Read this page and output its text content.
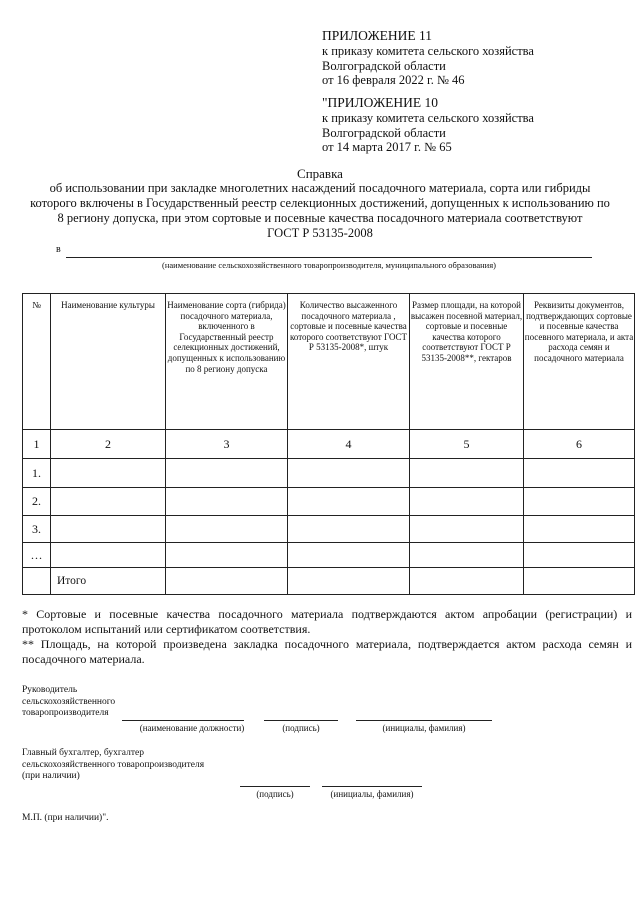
ПРИЛОЖЕНИЕ 11
к приказу комитета сельского хозяйства
Волгоградской области
от 16 февраля 2022 г. № 46
"ПРИЛОЖЕНИЕ 10
к приказу комитета сельского хозяйства
Волгоградской области
от 14 марта 2017 г. № 65
Справка
об использовании при закладке многолетних насаждений посадочного материала, сорта или гибриды
которого включены в Государственный реестр селекционных достижений, допущенных к использованию по
8 региону допуска, при этом сортовые и посевные качества посадочного материала соответствуют
ГОСТ Р 53135-2008
в
(наименование сельскохозяйственного товаропроизводителя, муниципального образования)
№	Наименование культуры	Наименование сорта (гибрида) посадочного материала, включенного в Государственный реестр селекционных достижений, допущенных к использованию по 8 региону допуска	Количество высаженного посадочного материала , сортовые и посевные качества которого соответствуют ГОСТ Р 53135-2008*, штук	Размер площади, на которой высажен посевной материал, сортовые и посевные качества которого соответствуют ГОСТ Р 53135-2008**, гектаров	Реквизиты документов, подтверждающих сортовые и посевные качества посевного материала, и акта расхода семян и посадочного материала
1	2	3	4	5	6
1.					
2.					
3.					
…					
	Итого				
* Сортовые и посевные качества посадочного материала подтверждаются актом апробации (регистрации) и протоколом испытаний или сертификатом соответствия.
** Площадь, на которой произведена закладка посадочного материала, подтверждается актом расхода семян и посадочного материала.
Руководитель
сельскохозяйственного
товаропроизводителя
(наименование должности)	(подпись)	(инициалы, фамилия)
Главный бухгалтер, бухгалтер
сельскохозяйственного товаропроизводителя
(при наличии)
(подпись)	(инициалы, фамилия)
М.П. (при наличии)".
